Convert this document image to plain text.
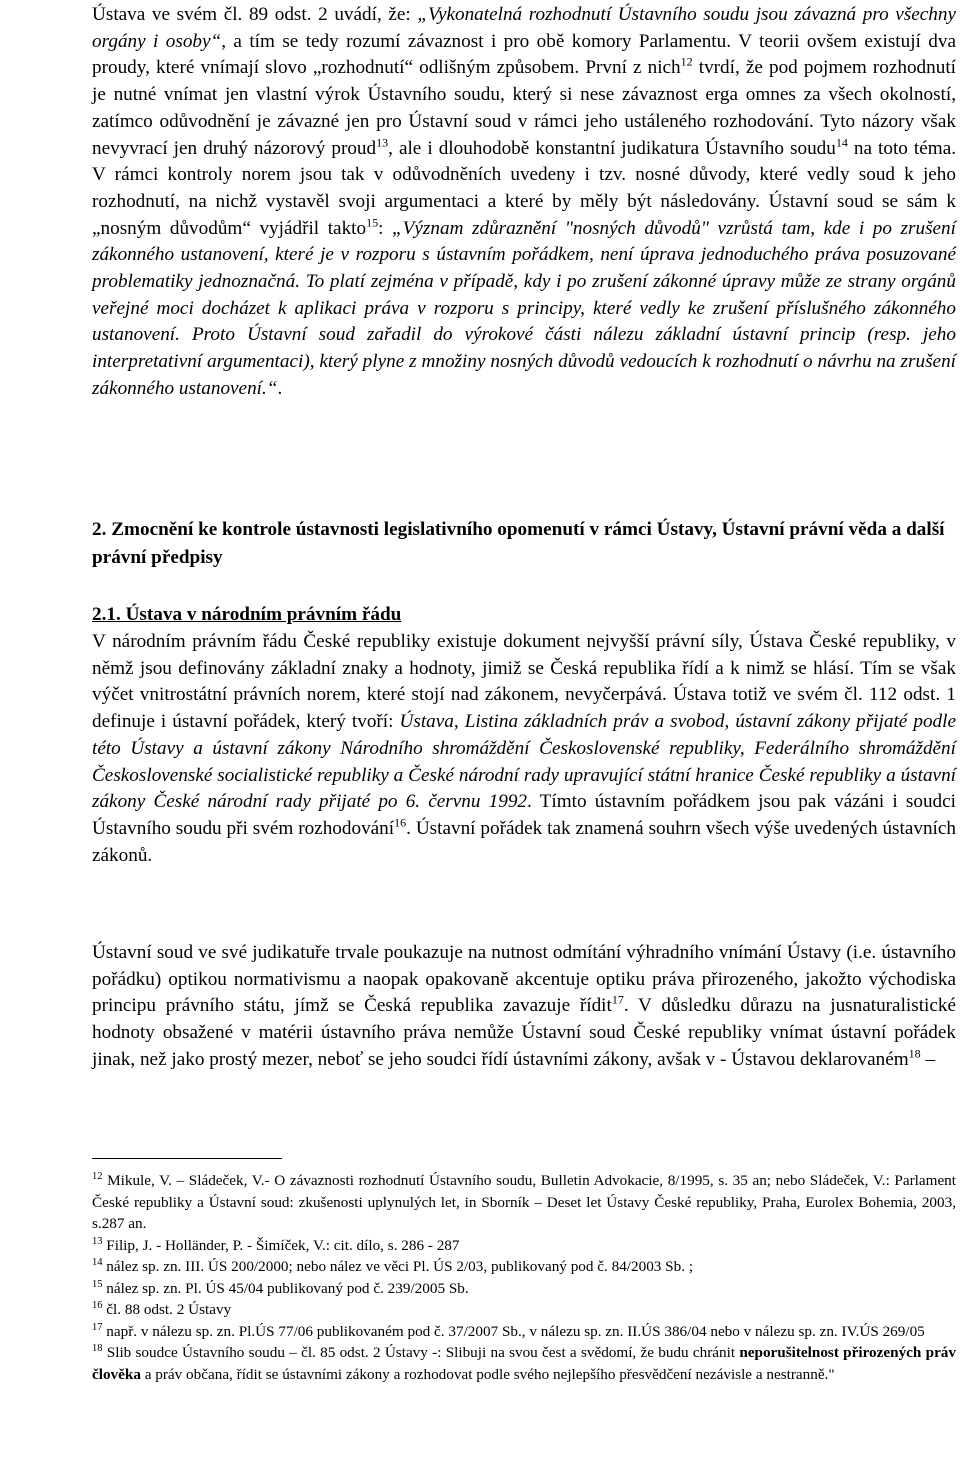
Ústava ve svém čl. 89 odst. 2 uvádí, že: „Vykonatelná rozhodnutí Ústavního soudu jsou závazná pro všechny orgány i osoby“, a tím se tedy rozumí závaznost i pro obě komory Parlamentu. V teorii ovšem existují dva proudy, které vnímají slovo „rozhodnutí“ odlišným způsobem. První z nich$^{12}$ tvrdí, že pod pojmem rozhodnutí je nutné vnímat jen vlastní výrok Ústavního soudu, který si nese závaznost erga omnes za všech okolností, zatímco odůvodnění je závazné jen pro Ústavní soud v rámci jeho ustáleného rozhodování. Tyto názory však nevyvrací jen druhý názorový proud$^{13}$, ale i dlouhodobě konstantní judikatura Ústavního soudu$^{14}$ na toto téma. V rámci kontroly norem jsou tak v odůvodněních uvedeny i tzv. nosné důvody, které vedly soud k jeho rozhodnutí, na nichž vystavěl svoji argumentaci a které by měly být následovány. Ústavní soud se sám k „nosným důvodům“ vyjádřil takto$^{15}$: „Význam zdůraznění "nosných důvodů" vzrůstá tam, kde i po zrušení zákonného ustanovení, které je v rozporu s ústavním pořádkem, není úprava jednoduchého práva posuzované problematiky jednoznačná. To platí zejména v případě, kdy i po zrušení zákonné úpravy může ze strany orgánů veřejné moci docházet k aplikaci práva v rozporu s principy, které vedly ke zrušení příslušného zákonného ustanovení. Proto Ústavní soud zařadil do výrokové části nálezu základní ústavní princip (resp. jeho interpretativní argumentaci), který plyne z množiny nosných důvodů vedoucích k rozhodnutí o návrhu na zrušení zákonného ustanovení.“.
2. Zmocnění ke kontrole ústavnosti legislativního opomenutí v rámci Ústavy, Ústavní právní věda a další právní předpisy
2.1. Ústava v národním právním řádu
V národním právním řádu České republiky existuje dokument nejvyšší právní síly, Ústava České republiky, v němž jsou definovány základní znaky a hodnoty, jimiž se Česká republika řídí a k nimž se hlásí. Tím se však výčet vnitrostátní právních norem, které stojí nad zákonem, nevyčerpává. Ústava totiž ve svém čl. 112 odst. 1 definuje i ústavní pořádek, který tvoří: Ústava, Listina základních práv a svobod, ústavní zákony přijaté podle této Ústavy a ústavní zákony Národního shromáždění Československé republiky, Federálního shromáždění Československé socialistické republiky a České národní rady upravující státní hranice České republiky a ústavní zákony České národní rady přijaté po 6. červnu 1992. Tímto ústavním pořádkem jsou pak vázáni i soudci Ústavního soudu při svém rozhodování$^{16}$. Ústavní pořádek tak znamená souhrn všech výše uvedených ústavních zákonů.
Ústavní soud ve své judikatuře trvale poukazuje na nutnost odmítání výhradního vnímání Ústavy (i.e. ústavního pořádku) optikou normativismu a naopak opakovaně akcentuje optiku práva přirozeného, jakožto východiska principu právního státu, jímž se Česká republika zavazuje řídit$^{17}$. V důsledku důrazu na jusnaturalistické hodnoty obsažené v matérii ústavního práva nemůže Ústavní soud České republiky vnímat ústavní pořádek jinak, než jako prostý mezer, neboť se jeho soudci řídí ústavními zákony, avšak v - Ústavou deklarovaném$^{18}$ –
$^{12}$ Mikule, V. – Sládeček, V.- O závaznosti rozhodnutí Ústavního soudu, Bulletin Advokacie, 8/1995, s. 35 an; nebo Sládeček, V.: Parlament České republiky a Ústavní soud: zkušenosti uplynulých let, in Sborník – Deset let Ústavy České republiky, Praha, Eurolex Bohemia, 2003, s.287 an.
$^{13}$ Filip, J. - Holländer, P. - Šimíček, V.: cit. dílo, s. 286 - 287
$^{14}$ nález sp. zn. III. ÚS 200/2000; nebo nález ve věci Pl. ÚS 2/03, publikovaný pod č. 84/2003 Sb. ;
$^{15}$ nález sp. zn. Pl. ÚS 45/04 publikovaný pod č. 239/2005 Sb.
$^{16}$ čl. 88 odst. 2 Ústavy
$^{17}$ např. v nálezu sp. zn. Pl.ÚS 77/06 publikovaném pod č. 37/2007 Sb., v nálezu sp. zn. II.ÚS 386/04 nebo v nálezu sp. zn. IV.ÚS 269/05
$^{18}$ Slib soudce Ústavního soudu – čl. 85 odst. 2 Ústavy -: Slibuji na svou čest a svědomí, že budu chránit neporušitelnost přirozených práv člověka a práv občana, řídit se ústavními zákony a rozhodovat podle svého nejlepšího přesvědčení nezávisle a nestranně."
